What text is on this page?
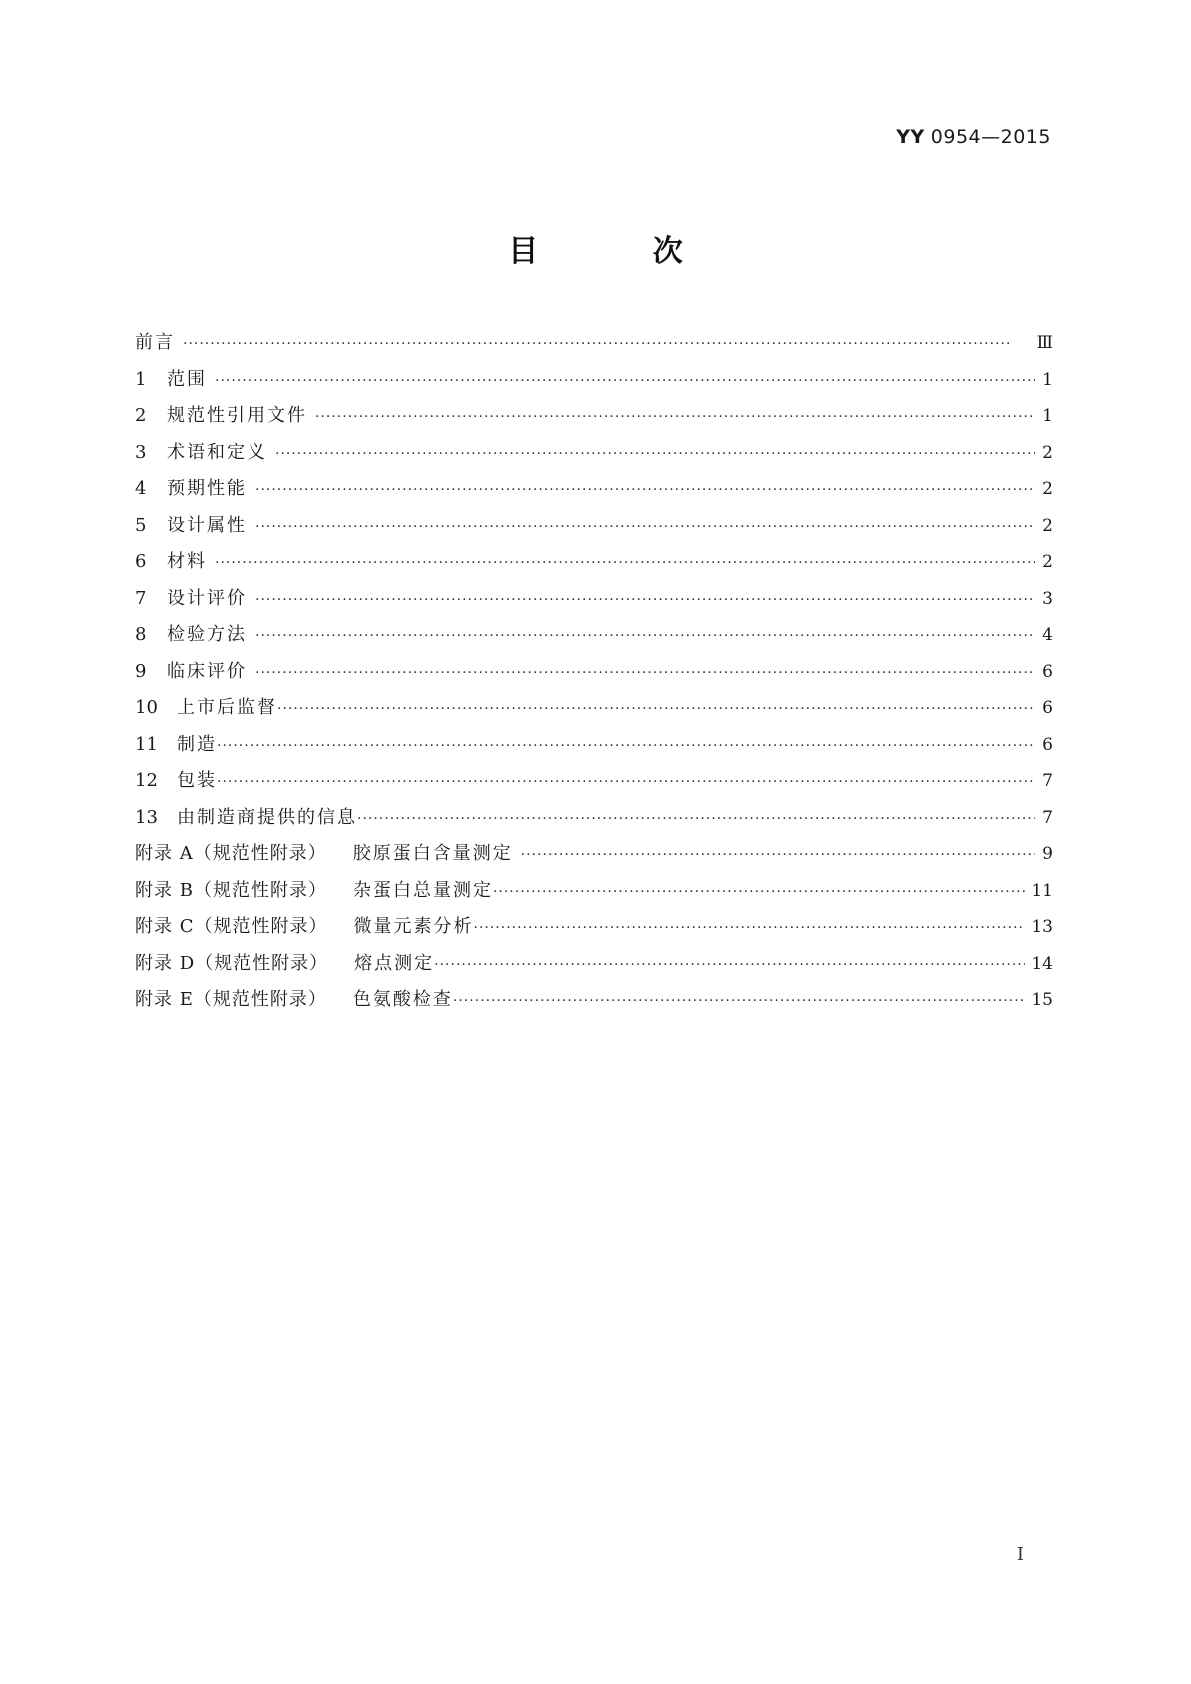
YY 0954—2015
目 次
前言 ·····	Ⅲ
1	范围 ·····	1
2	规范性引用文件 ·····	1
3	术语和定义 ·····	2
4	预期性能 ·····	2
5	设计属性 ·····	2
6	材料 ·····	2
7	设计评价 ·····	3
8	检验方法 ·····	4
9	临床评价 ·····	6
10	上市后监督 ·····	6
11	制造 ·····	6
12	包装 ·····	7
13	由制造商提供的信息 ·····	7
附录 A（规范性附录） 胶原蛋白含量测定 ·····	9
附录 B（规范性附录） 杂蛋白总量测定 ·····	11
附录 C（规范性附录） 微量元素分析 ·····	13
附录 D（规范性附录） 熔点测定 ·····	14
附录 E（规范性附录） 色氨酸检查 ·····	15
Ⅰ
